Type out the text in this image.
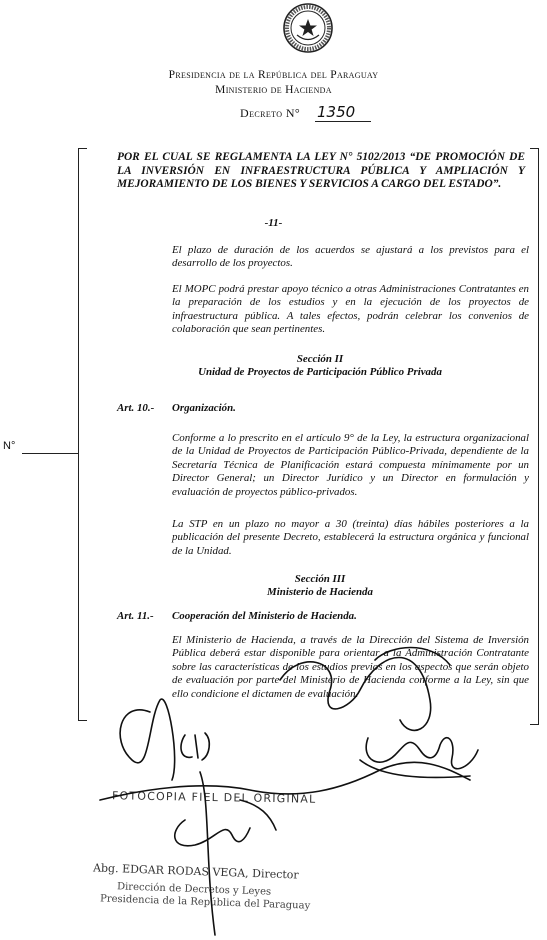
Presidencia de la República del Paraguay
Ministerio de Hacienda
Decreto N° 1350
N°
POR EL CUAL SE REGLAMENTA LA LEY N° 5102/2013 “DE PROMOCIÓN DE LA INVERSIÓN EN INFRAESTRUCTURA PÚBLICA Y AMPLIACIÓN Y MEJORAMIENTO DE LOS BIENES Y SERVICIOS A CARGO DEL ESTADO”.
-11-
El plazo de duración de los acuerdos se ajustará a los previstos para el desarrollo de los proyectos.
El MOPC podrá prestar apoyo técnico a otras Administraciones Contratantes en la preparación de los estudios y en la ejecución de los proyectos de infraestructura pública. A tales efectos, podrán celebrar los convenios de colaboración que sean pertinentes.
Sección II
Unidad de Proyectos de Participación Público Privada
Art. 10.- Organización.
Conforme a lo prescrito en el artículo 9° de la Ley, la estructura organizacional de la Unidad de Proyectos de Participación Público-Privada, dependiente de la Secretaría Técnica de Planificación estará compuesta mínimamente por un Director General; un Director Jurídico y un Director en formulación y evaluación de proyectos público-privados.
La STP en un plazo no mayor a 30 (treinta) días hábiles posteriores a la publicación del presente Decreto, establecerá la estructura orgánica y funcional de la Unidad.
Sección III
Ministerio de Hacienda
Art. 11.- Cooperación del Ministerio de Hacienda.
El Ministerio de Hacienda, a través de la Dirección del Sistema de Inversión Pública deberá estar disponible para orientar a la Administración Contratante sobre las características de los estudios previos en los aspectos que serán objeto de evaluación por parte del Ministerio de Hacienda conforme a la Ley, sin que ello condicione el dictamen de evaluación.
FOTOCOPIA FIEL DEL ORIGINAL
Abg. EDGAR RODAS VEGA, Director
Dirección de Decretos y Leyes
Presidencia de la República del Paraguay
